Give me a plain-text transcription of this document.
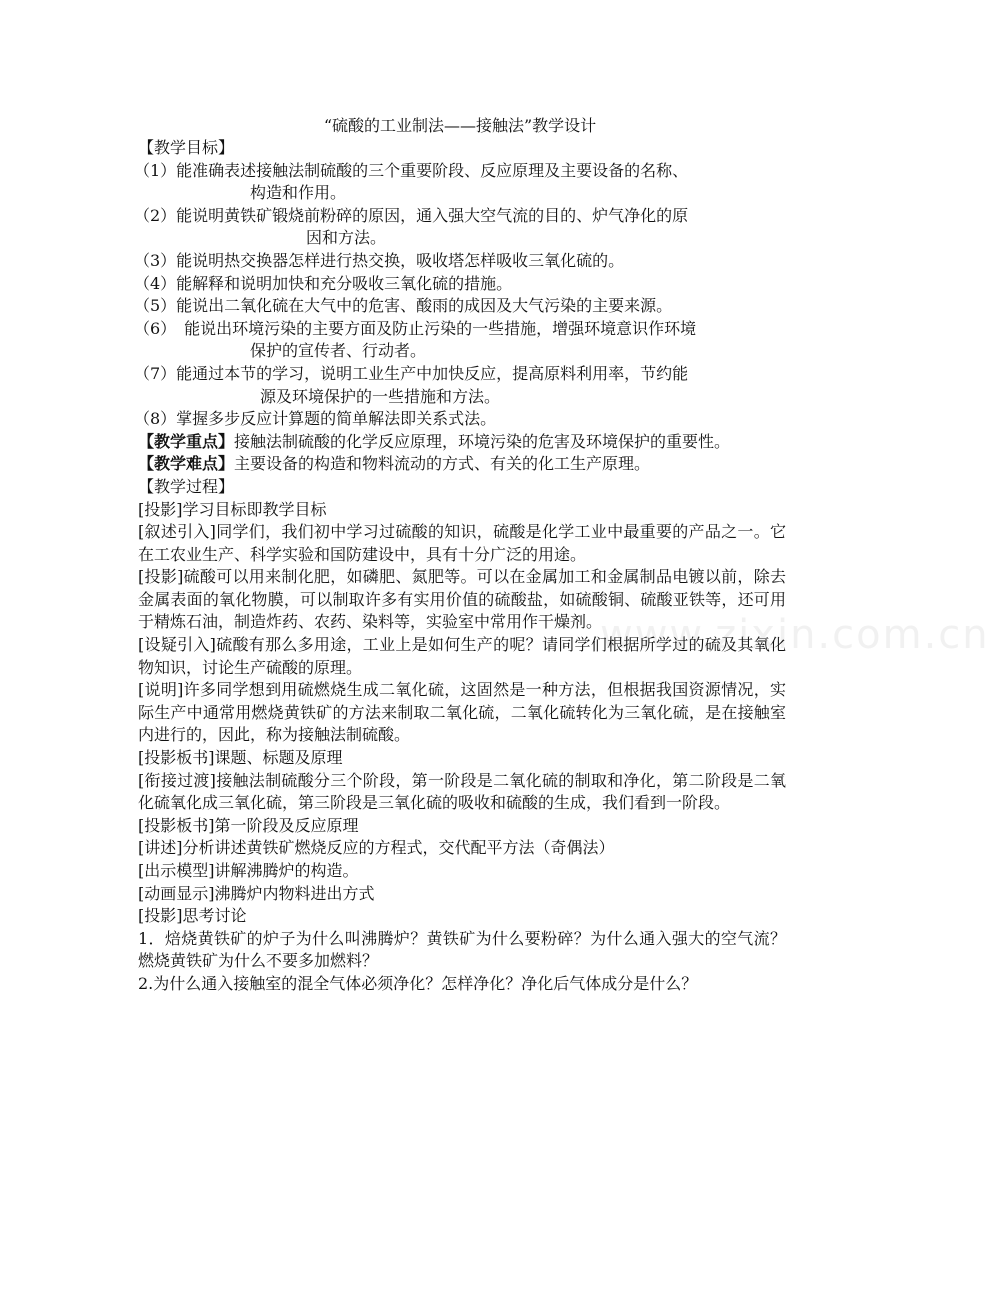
www.zixin.com.cn
“硫酸的工业制法——接触法”教学设计
【教学目标】
（1）能准确表述接触法制硫酸的三个重要阶段、反应原理及主要设备的名称、
构造和作用。
（2）能说明黄铁矿锻烧前粉碎的原因，通入强大空气流的目的、炉气净化的原
因和方法。
（3）能说明热交换器怎样进行热交换，吸收塔怎样吸收三氧化硫的。
（4）能解释和说明加快和充分吸收三氧化硫的措施。
（5）能说出二氧化硫在大气中的危害、酸雨的成因及大气污染的主要来源。
（6）　能说出环境污染的主要方面及防止污染的一些措施，增强环境意识作环境
保护的宣传者、行动者。
（7）能通过本节的学习，说明工业生产中加快反应，提高原料利用率，节约能
源及环境保护的一些措施和方法。
（8）掌握多步反应计算题的简单解法即关系式法。
【教学重点】接触法制硫酸的化学反应原理，环境污染的危害及环境保护的重要性。
【教学难点】主要设备的构造和物料流动的方式、有关的化工生产原理。
【教学过程】
[投影]学习目标即教学目标
[叙述引入]同学们，我们初中学习过硫酸的知识，硫酸是化学工业中最重要的产品之一。它在工农业生产、科学实验和国防建设中，具有十分广泛的用途。
[投影]硫酸可以用来制化肥，如磷肥、氮肥等。可以在金属加工和金属制品电镀以前，除去金属表面的氧化物膜，可以制取许多有实用价值的硫酸盐，如硫酸铜、硫酸亚铁等，还可用于精炼石油，制造炸药、农药、染料等，实验室中常用作干燥剂。
[设疑引入]硫酸有那么多用途，工业上是如何生产的呢？请同学们根据所学过的硫及其氧化物知识，讨论生产硫酸的原理。
[说明]许多同学想到用硫燃烧生成二氧化硫，这固然是一种方法，但根据我国资源情况，实际生产中通常用燃烧黄铁矿的方法来制取二氧化硫，二氧化硫转化为三氧化硫，是在接触室内进行的，因此，称为接触法制硫酸。
[投影板书]课题、标题及原理
[衔接过渡]接触法制硫酸分三个阶段，第一阶段是二氧化硫的制取和净化，第二阶段是二氧化硫氧化成三氧化硫，第三阶段是三氧化硫的吸收和硫酸的生成，我们看到一阶段。
[投影板书]第一阶段及反应原理
[讲述]分析讲述黄铁矿燃烧反应的方程式，交代配平方法（奇偶法）
[出示模型]讲解沸腾炉的构造。
[动画显示]沸腾炉内物料进出方式
[投影]思考讨论
1．焙烧黄铁矿的炉子为什么叫沸腾炉？黄铁矿为什么要粉碎？为什么通入强大的空气流？燃烧黄铁矿为什么不要多加燃料？
2.为什么通入接触室的混全气体必须净化？怎样净化？净化后气体成分是什么？
